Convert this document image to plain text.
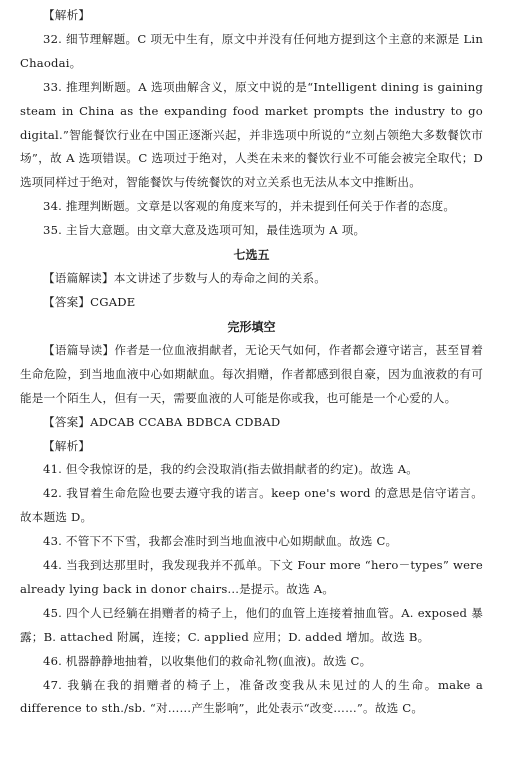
【解析】

32. 细节理解题。C 项无中生有，原文中并没有任何地方提到这个主意的来源是 Lin Chaodai。

33. 推理判断题。A 选项曲解含义，原文中说的是“Intelligent dining is gaining steam in China as the expanding food market prompts the industry to go digital.”智能餐饮行业在中国正逐渐兴起，并非选项中所说的“立刻占领绝大多数餐饮市场”，故 A 选项错误。C 选项过于绝对，人类在未来的餐饮行业不可能会被完全取代；D 选项同样过于绝对，智能餐饮与传统餐饮的对立关系也无法从本文中推断出。

34. 推理判断题。文章是以客观的角度来写的，并未提到任何关于作者的态度。

35. 主旨大意题。由文章大意及选项可知，最佳选项为 A 项。

七选五

【语篇解读】本文讲述了步数与人的寿命之间的关系。

【答案】CGADE

完形填空

【语篇导读】作者是一位血液捐献者，无论天气如何，作者都会遵守诺言，甚至冒着生命危险，到当地血液中心如期献血。每次捐赠，作者都感到很自豪，因为血液救的有可能是一个陌生人，但有一天，需要血液的人可能是你或我，也可能是一个心爱的人。

【答案】ADCAB CCABA BDBCA CDBAD

【解析】

41. 但令我惊讶的是，我的约会没取消(指去做捐献者的约定)。故选 A。

42. 我冒着生命危险也要去遵守我的诺言。keep one's word 的意思是信守诺言。故本题选 D。

43. 不管下不下雪，我都会准时到当地血液中心如期献血。故选 C。

44. 当我到达那里时，我发现我并不孤单。下文 Four more “hero－types” were already lying back in donor chairs...是提示。故选 A。

45. 四个人已经躺在捐赠者的椅子上，他们的血管上连接着抽血管。A. exposed 暴露；B. attached 附属，连接；C. applied 应用；D. added 增加。故选 B。

46. 机器静静地抽着，以收集他们的救命礼物(血液)。故选 C。

47. 我躺在我的捐赠者的椅子上，准备改变我从未见过的人的生命。make a difference to sth./sb. “对……产生影响”，此处表示“改变……”。故选 C。
